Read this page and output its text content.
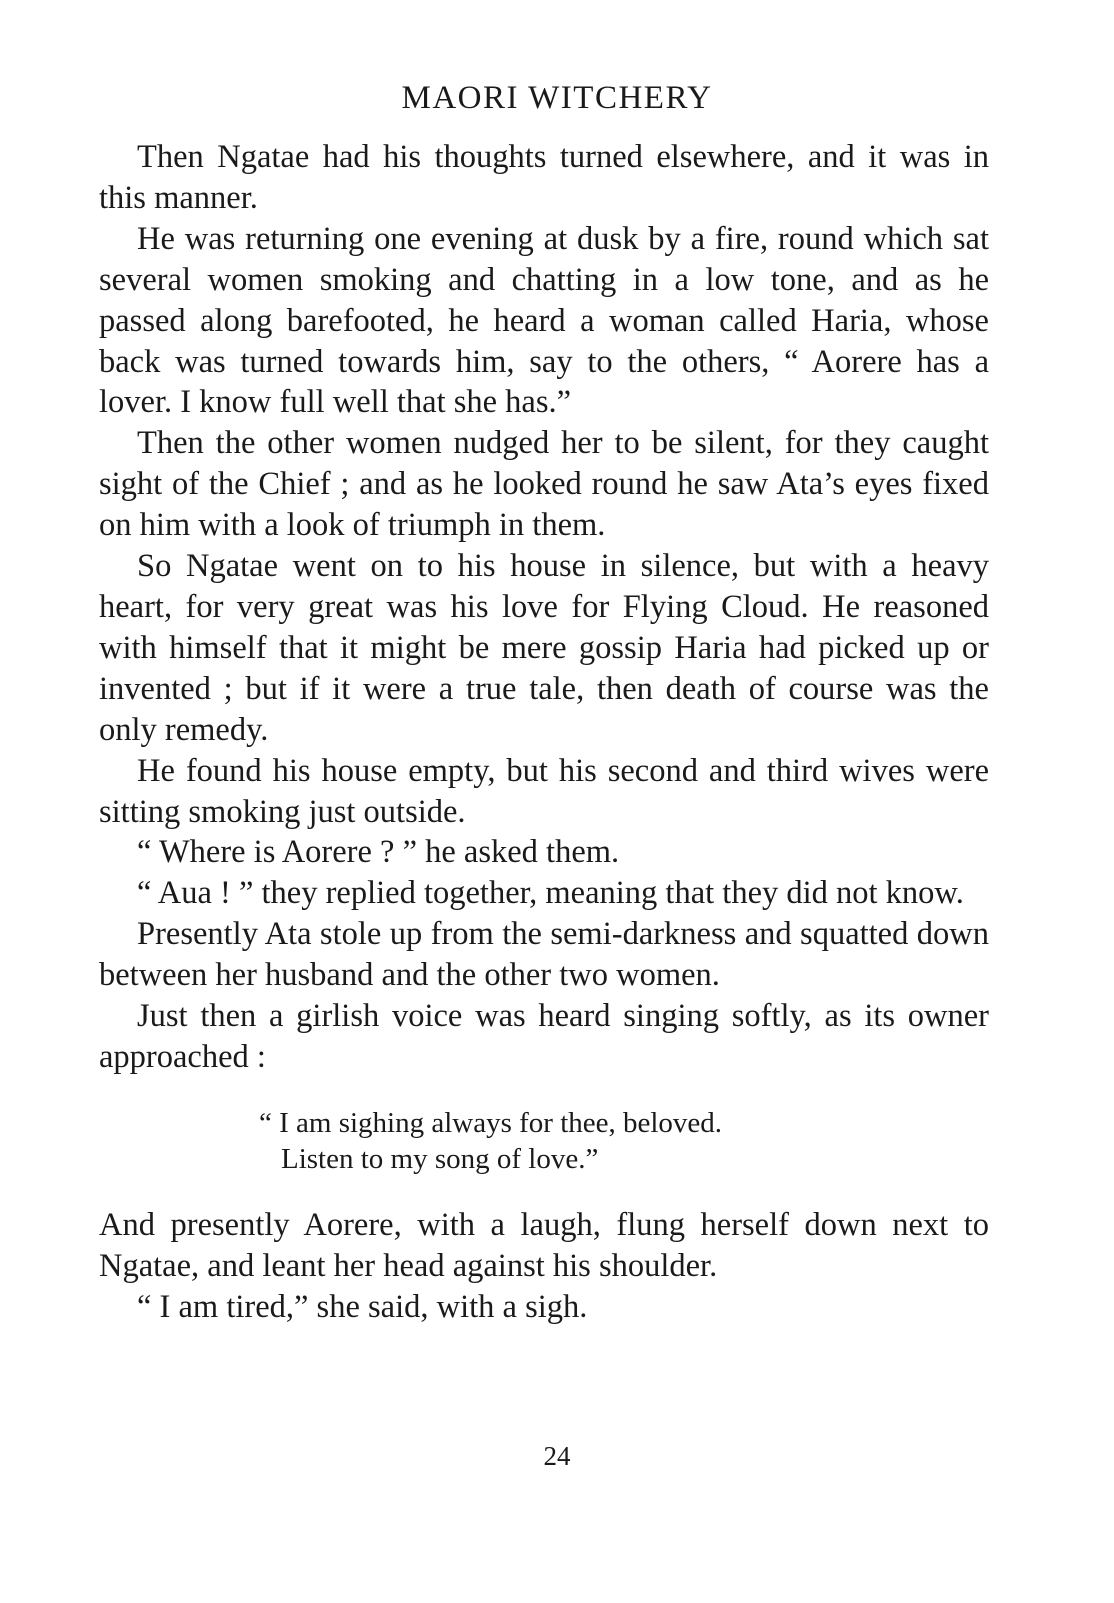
MAORI WITCHERY

Then Ngatae had his thoughts turned elsewhere, and it was in this manner.

He was returning one evening at dusk by a fire, round which sat several women smoking and chatting in a low tone, and as he passed along barefooted, he heard a woman called Haria, whose back was turned towards him, say to the others, “ Aorere has a lover. I know full well that she has.”

Then the other women nudged her to be silent, for they caught sight of the Chief ; and as he looked round he saw Ata’s eyes fixed on him with a look of triumph in them.

So Ngatae went on to his house in silence, but with a heavy heart, for very great was his love for Flying Cloud. He reasoned with himself that it might be mere gossip Haria had picked up or invented ; but if it were a true tale, then death of course was the only remedy.

He found his house empty, but his second and third wives were sitting smoking just outside.

“ Where is Aorere ? ” he asked them.

“ Aua ! ” they replied together, meaning that they did not know.

Presently Ata stole up from the semi-darkness and squatted down between her husband and the other two women.

Just then a girlish voice was heard singing softly, as its owner approached :

“ I am sighing always for thee, beloved.
Listen to my song of love.”

And presently Aorere, with a laugh, flung herself down next to Ngatae, and leant her head against his shoulder.

“ I am tired,” she said, with a sigh.

24
